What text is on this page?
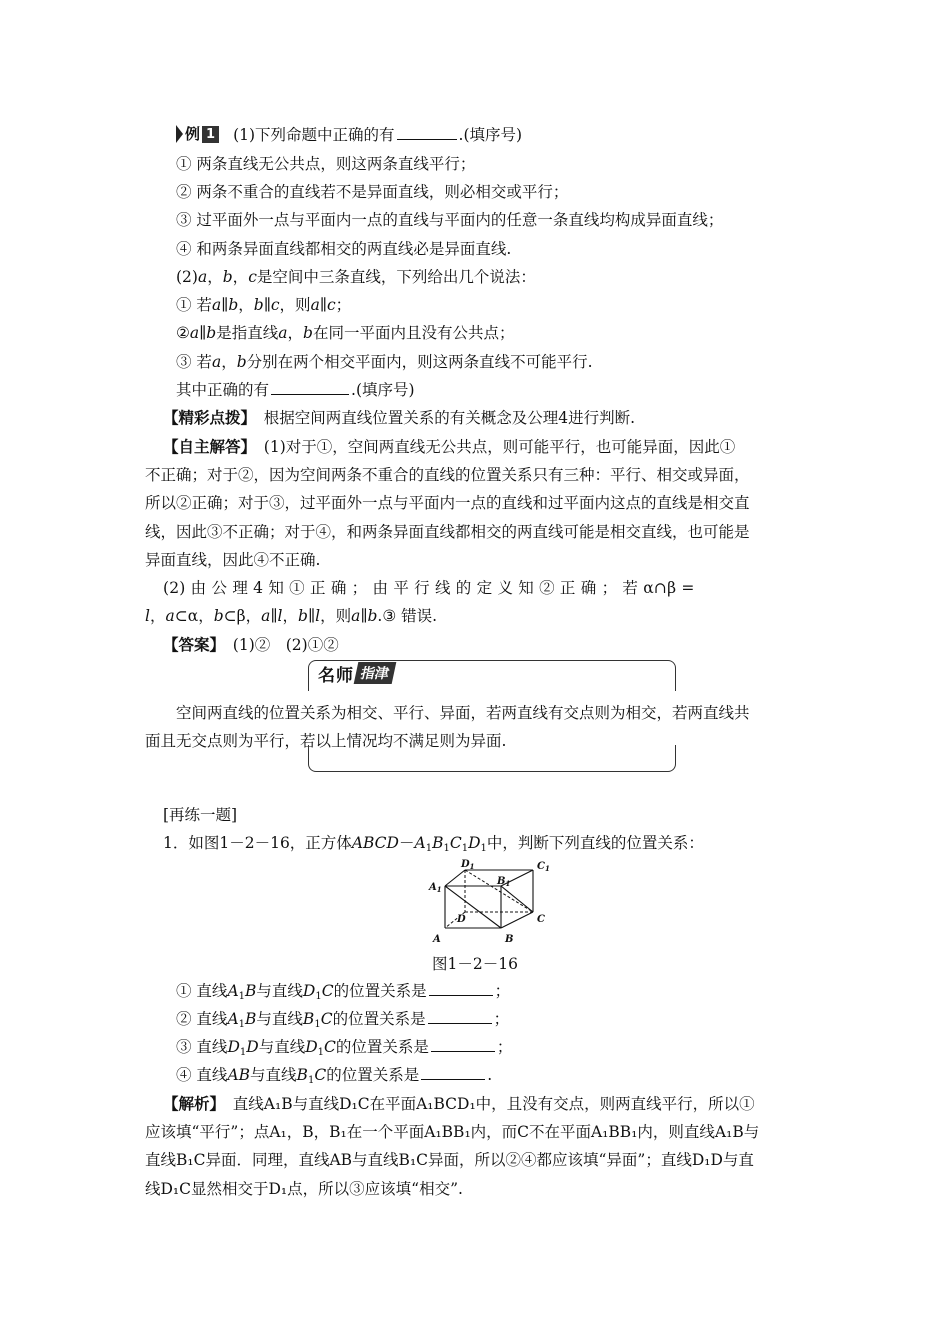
例 1 (1)下列命题中正确的有	.(填序号)
① 两条直线无公共点，则这两条直线平行；
② 两条不重合的直线若不是异面直线，则必相交或平行；
③ 过平面外一点与平面内一点的直线与平面内的任意一条直线均构成异面直线；
④ 和两条异面直线都相交的两直线必是异面直线.
(2)a，b，c是空间中三条直线，下列给出几个说法：
① 若a∥b，b∥c，则a∥c；
②a∥b是指直线a，b在同一平面内且没有公共点；
③ 若a，b分别在两个相交平面内，则这两条直线不可能平行.
其中正确的有	.(填序号)
【精彩点拨】　 根据空间两直线位置关系的有关概念及公理4进行判断.
【自主解答】　 (1)对于①，空间两直线无公共点，则可能平行，也可能异面，因此①
不正确；对于②，因为空间两条不重合的直线的位置关系只有三种：平行、相交或异面，
所以②正确；对于③，过平面外一点与平面内一点的直线和过平面内这点的直线是相交直
线，因此③不正确；对于④，和两条异面直线都相交的两直线可能是相交直线，也可能是
异面直线，因此④不正确.
(2) 由 公 理 4 知 ① 正 确 ； 由 平 行 线 的 定 义 知 ② 正 确 ； 若 α∩β =
l，a⊂α，b⊂β，a∥l，b∥l，则a∥b.③ 错误.
【答案】　 (1)②　(2)①②
名师 指津
空间两直线的位置关系为相交、平行、异面，若两直线有交点则为相交，若两直线共
面且无交点则为平行，若以上情况均不满足则为异面.
[再练一题]
1．如图1－2－16，正方体$ABCD-A_1B_1C_1D_1$中，判断下列直线的位置关系：
$D_1$	$C_1$
$A_1$
$B_1$
D	C
A	B
图1－2－16
① 直线$A_1B$与直线$D_1C$的位置关系是	；
② 直线$A_1B$与直线$B_1C$的位置关系是	；
③ 直线$D_1D$与直线$D_1C$的位置关系是	；
④ 直线AB与直线$B_1C$的位置关系是	.
【解析】　 直线A₁B与直线D₁C在平面A₁BCD₁中，且没有交点，则两直线平行，所以①
应该填“平行”；点A₁，B，B₁在一个平面A₁BB₁内，而C不在平面A₁BB₁内，则直线A₁B与
直线B₁C异面．同理，直线AB与直线B₁C异面，所以②④都应该填“异面”；直线D₁D与直
线D₁C显然相交于D₁点，所以③应该填“相交”.
